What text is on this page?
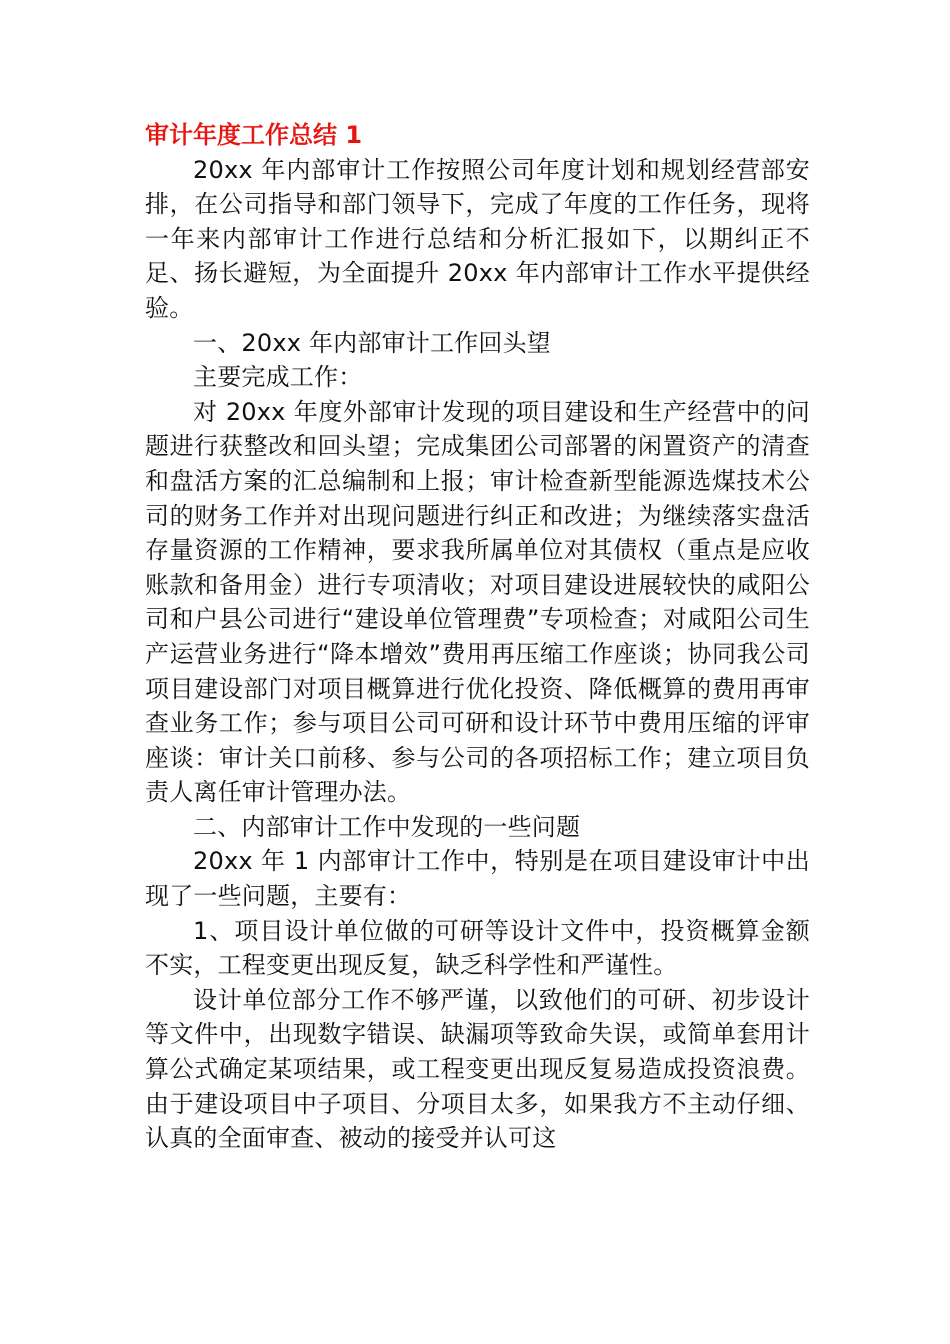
审计年度工作总结 1

20xx 年内部审计工作按照公司年度计划和规划经营部安排，在公司指导和部门领导下，完成了年度的工作任务，现将一年来内部审计工作进行总结和分析汇报如下，以期纠正不足、扬长避短，为全面提升 20xx 年内部审计工作水平提供经验。

一、20xx 年内部审计工作回头望

主要完成工作：

对 20xx 年度外部审计发现的项目建设和生产经营中的问题进行获整改和回头望；完成集团公司部署的闲置资产的清查和盘活方案的汇总编制和上报；审计检查新型能源选煤技术公司的财务工作并对出现问题进行纠正和改进；为继续落实盘活存量资源的工作精神，要求我所属单位对其债权（重点是应收账款和备用金）进行专项清收；对项目建设进展较快的咸阳公司和户县公司进行“建设单位管理费”专项检查；对咸阳公司生产运营业务进行“降本增效”费用再压缩工作座谈；协同我公司项目建设部门对项目概算进行优化投资、降低概算的费用再审查业务工作；参与项目公司可研和设计环节中费用压缩的评审座谈：审计关口前移、参与公司的各项招标工作；建立项目负责人离任审计管理办法。

二、内部审计工作中发现的一些问题

20xx 年 1 内部审计工作中，特别是在项目建设审计中出现了一些问题，主要有：

1、项目设计单位做的可研等设计文件中，投资概算金额不实，工程变更出现反复，缺乏科学性和严谨性。

设计单位部分工作不够严谨，以致他们的可研、初步设计等文件中，出现数字错误、缺漏项等致命失误，或简单套用计算公式确定某项结果，或工程变更出现反复易造成投资浪费。由于建设项目中子项目、分项目太多，如果我方不主动仔细、认真的全面审查、被动的接受并认可这
